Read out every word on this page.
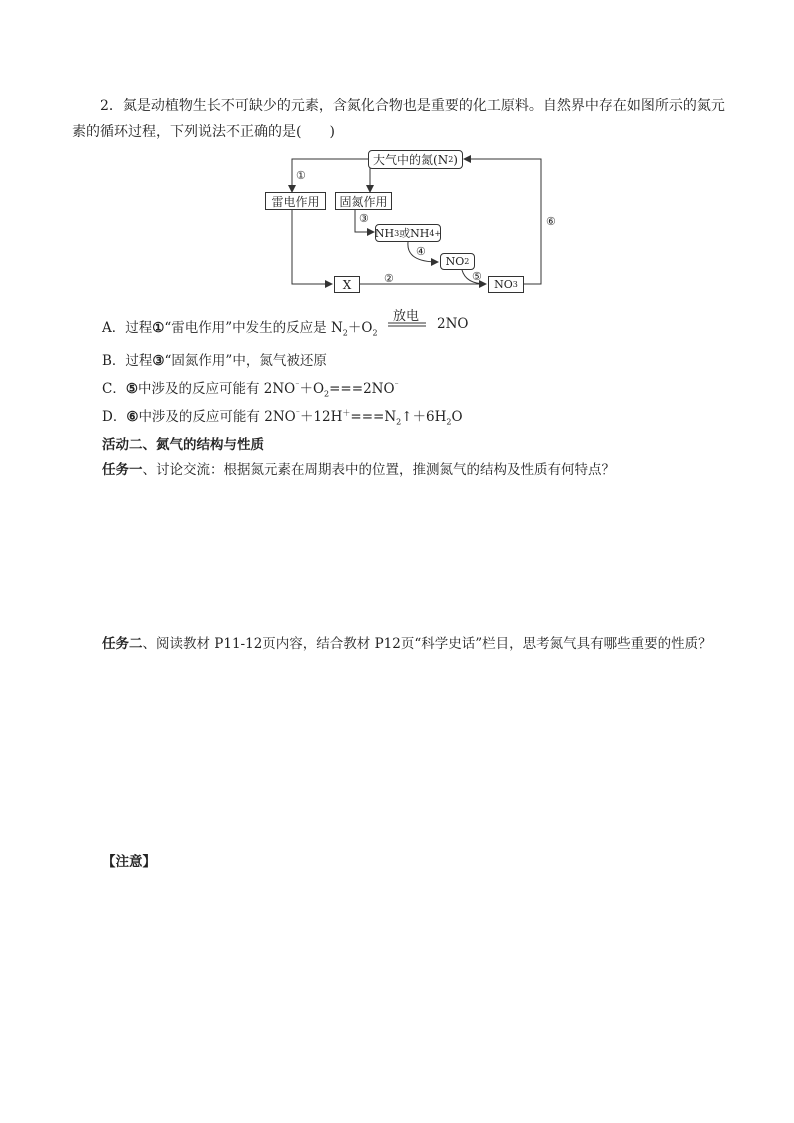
2．氮是动植物生长不可缺少的元素，含氮化合物也是重要的化工原料。自然界中存在如图所示的氮元
素的循环过程，下列说法不正确的是(　　)
大气中的氮(N 2 )
雷电作用	固氮作用
NH 3 或NH 4 +
NO 2
X	NO 3
①
②
③
④
⑤
⑥
A．过程①“雷电作用”中发生的反应是 $N_2+O_2$
放电 2NO
B．过程③“固氮作用”中，氮气被还原
C．⑤中涉及的反应可能有 $2NO^{^-}+O_2===2NO^{^-}$
D．⑥中涉及的反应可能有 $2NO^{^-}+12H^+===N_2↑+6H_2O$
活动二、氮气的结构与性质
任务一、讨论交流：根据氮元素在周期表中的位置，推测氮气的结构及性质有何特点？
任务二、阅读教材 P11-12页内容，结合教材 P12页“科学史话”栏目，思考氮气具有哪些重要的性质？
【注意】
